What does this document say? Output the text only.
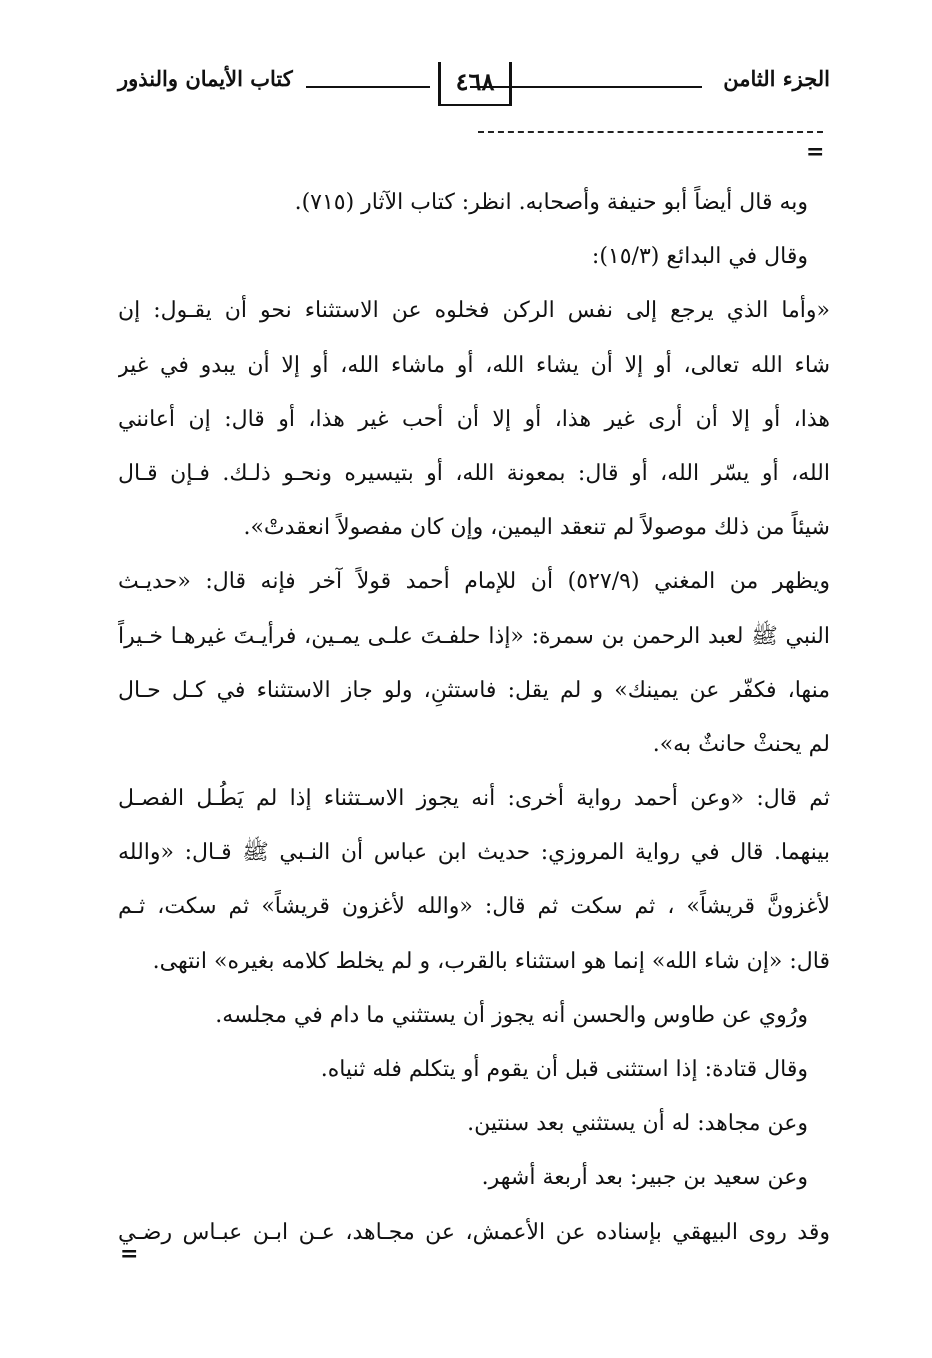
الجزء الثامن
٤٦٨
كتاب الأيمان والنذور
=
وبه قال أيضاً أبو حنيفة وأصحابه. انظر: كتاب الآثار (٧١٥).
وقال في البدائع (١٥/٣):
«وأما الذي يرجع إلى نفس الركن فخلوه عن الاستثناء نحو أن يقـول: إن
شاء الله تعالى، أو إلا أن يشاء الله، أو ماشاء الله، أو إلا أن يبدو في غير
هذا، أو إلا أن أرى غير هذا، أو إلا أن أحب غير هذا، أو قال: إن أعانني
الله، أو يسّر الله، أو قال: بمعونة الله، أو بتيسيره ونحـو ذلـك. فـإن قـال
شيئاً من ذلك موصولاً لم تنعقد اليمين، وإن كان مفصولاً انعقدتْ».
ويظهر من المغني (٥٢٧/٩) أن للإمام أحمد قولاً آخر فإنه قال: «حديـث
النبي ﷺ لعبد الرحمن بن سمرة: «إذا حلفـتَ علـى يمـين، فرأيـتَ غيرهـا خـيراً
منها، فكفّر عن يمينك» و لم يقل: فاستثنِ، ولو جاز الاستثناء في كـل حـال
لم يحنثْ حانثٌ به».
ثم قال: «وعن أحمد رواية أخرى: أنه يجوز الاسـتثناء إذا لم يَطُـل الفصـل
بينهما. قال في رواية المروزي: حديث ابن عباس أن النـبي ﷺ قـال: «والله
لأغزونَّ قريشاً» ، ثم سكت ثم قال: «والله لأغزون قريشاً» ثم سكت، ثـم
قال: «إن شاء الله» إنما هو استثناء بالقرب، و لم يخلط كلامه بغيره» انتهى.
ورُوي عن طاوس والحسن أنه يجوز أن يستثني ما دام في مجلسه.
وقال قتادة: إذا استثنى قبل أن يقوم أو يتكلم فله ثنياه.
وعن مجاهد: له أن يستثني بعد سنتين.
وعن سعيد بن جبير: بعد أربعة أشهر.
وقد روى البيهقي بإسناده عن الأعمش، عن مجـاهد، عـن ابـن عبـاس رضـي
=
